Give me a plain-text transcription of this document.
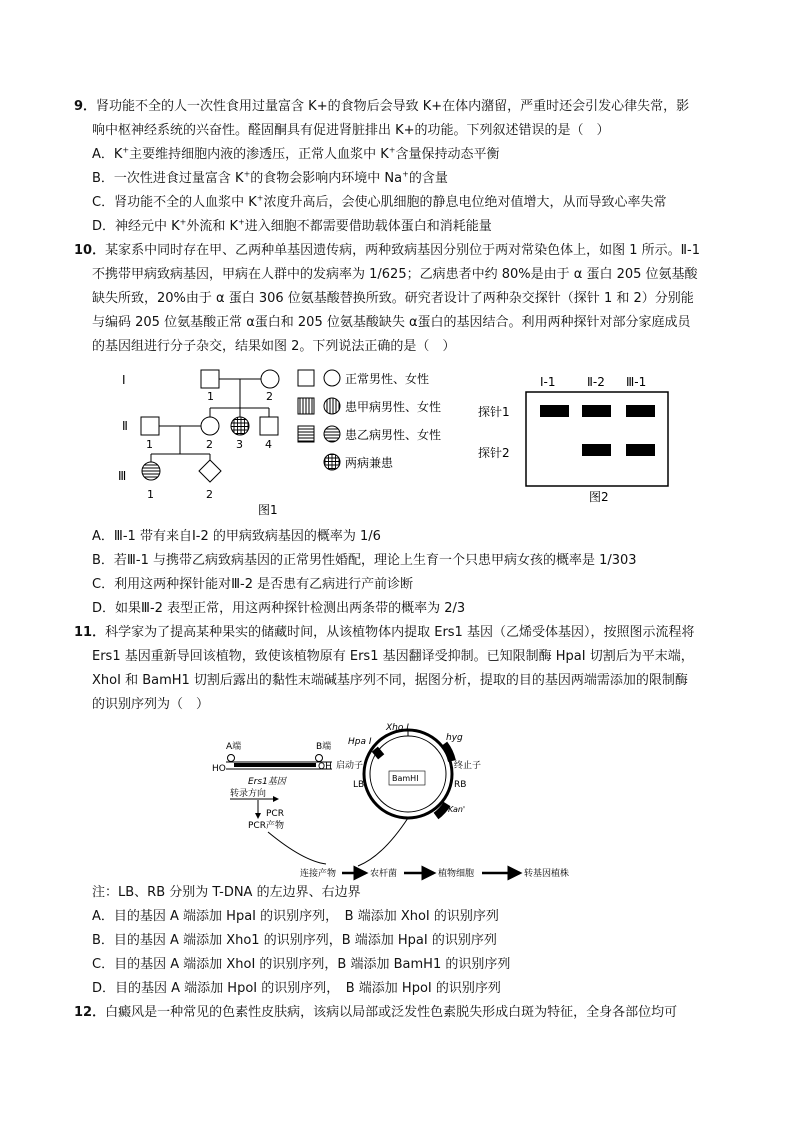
9．肾功能不全的人一次性食用过量富含 K+的食物后会导致 K+在体内潴留，严重时还会引发心律失常，影
响中枢神经系统的兴奋性。醛固酮具有促进肾脏排出 K+的功能。下列叙述错误的是（　）
A．K+主要维持细胞内液的渗透压，正常人血浆中 K+含量保持动态平衡
B．一次性进食过量富含 K+的食物会影响内环境中 Na+的含量
C．肾功能不全的人血浆中 K+浓度升高后，会使心肌细胞的静息电位绝对值增大，从而导致心率失常
D．神经元中 K+外流和 K+进入细胞不都需要借助载体蛋白和消耗能量
10．某家系中同时存在甲、乙两种单基因遗传病，两种致病基因分别位于两对常染色体上，如图 1 所示。Ⅱ-1
不携带甲病致病基因，甲病在人群中的发病率为 1/625；乙病患者中约 80%是由于 α 蛋白 205 位氨基酸
缺失所致，20%由于 α 蛋白 306 位氨基酸替换所致。研究者设计了两种杂交探针（探针 1 和 2）分别能
与编码 205 位氨基酸正常 α蛋白和 205 位氨基酸缺失 α蛋白的基因结合。利用两种探针对部分家庭成员
的基因组进行分子杂交，结果如图 2。下列说法正确的是（　）
Ⅰ
Ⅱ
Ⅲ
1	2
1	2 3 4
1	2
正常男性、女性
患甲病男性、女性
患乙病男性、女性
两病兼患
图1
Ⅰ-1	Ⅱ-2 Ⅲ-1
探针1
探针2
图2
A．Ⅲ-1 带有来自Ⅰ-2 的甲病致病基因的概率为 1/6
B．若Ⅲ-1 与携带乙病致病基因的正常男性婚配，理论上生育一个只患甲病女孩的概率是 1/303
C．利用这两种探针能对Ⅲ-2 是否患有乙病进行产前诊断
D．如果Ⅲ-2 表型正常，用这两种探针检测出两条带的概率为 2/3
11．科学家为了提高某种果实的储藏时间，从该植物体内提取 Ers1 基因（乙烯受体基因），按照图示流程将
Ers1 基因重新导回该植物，致使该植物原有 Ers1 基因翻译受抑制。已知限制酶 HpaI 切割后为平末端，
XhoI 和 BamH1 切割后露出的黏性末端碱基序列不同，据图分析，提取的目的基因两端需添加的限制酶
的识别序列为（　）
A端	B端
HO	OH
Ers1基因
转录方向
PCR
PCR产物
Xho Ⅰ
Hpa Ⅰ	hyg
启动子	终止子
LB	RB
BamHⅠ
Kan'
连接产物	农杆菌	植物细胞	转基因植株
注：LB、RB 分别为 T-DNA 的左边界、右边界
A．目的基因 A 端添加 HpaI 的识别序列，　B 端添加 XhoI 的识别序列
B．目的基因 A 端添加 Xho1 的识别序列，B 端添加 HpaI 的识别序列
C．目的基因 A 端添加 XhoI 的识别序列，B 端添加 BamH1 的识别序列
D．目的基因 A 端添加 HpoI 的识别序列，　B 端添加 HpoI 的识别序列
12．白癜风是一种常见的色素性皮肤病，该病以局部或泛发性色素脱失形成白斑为特征，全身各部位均可
